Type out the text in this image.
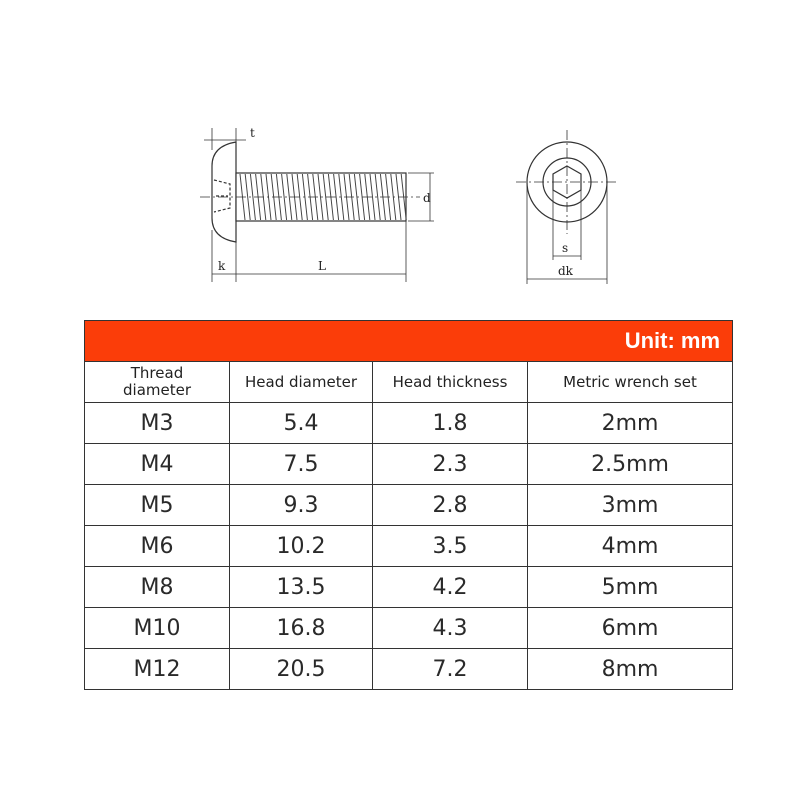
t
d
k	L
s
dk
Unit: mm			

Thread
diameter	Head diameter	Head thickness	Metric wrench set
M3	5.4	1.8	2mm
M4	7.5	2.3	2.5mm
M5	9.3	2.8	3mm
M6	10.2	3.5	4mm
M8	13.5	4.2	5mm
M10	16.8	4.3	6mm
M12	20.5	7.2	8mm
